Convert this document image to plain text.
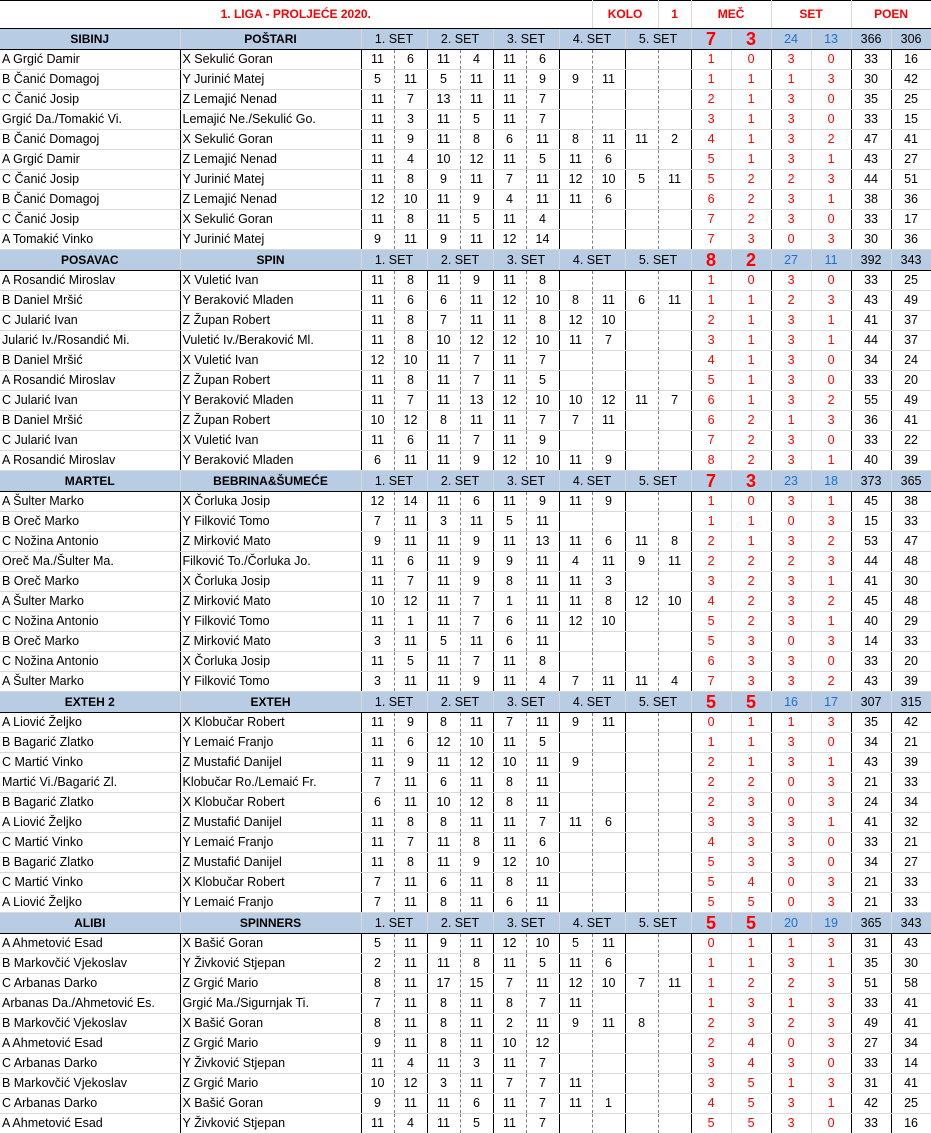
1. LIGA - PROLJEĆE 2020.									KOLO		1	MEČ		SET		POEN	
SIBINJ	POŠTARI	1. SET		2. SET		3. SET		4. SET		5. SET		7	3	24	13	366	306
A Grgić Damir	X Sekulić Goran	11	6	11	4	11	6					1	0	3	0	33	16
B Čanić Domagoj	Y Jurinić Matej	5	11	5	11	11	9	9	11			1	1	1	3	30	42
C Čanić Josip	Z Lemajić Nenad	11	7	13	11	11	7					2	1	3	0	35	25
Grgić Da./Tomakić Vi.	Lemajić Ne./Sekulić Go.	11	3	11	5	11	7					3	1	3	0	33	15
B Čanić Domagoj	X Sekulić Goran	11	9	11	8	6	11	8	11	11	2	4	1	3	2	47	41
A Grgić Damir	Z Lemajić Nenad	11	4	10	12	11	5	11	6			5	1	3	1	43	27
C Čanić Josip	Y Jurinić Matej	11	8	9	11	7	11	12	10	5	11	5	2	2	3	44	51
B Čanić Domagoj	Z Lemajić Nenad	12	10	11	9	4	11	11	6			6	2	3	1	38	36
C Čanić Josip	X Sekulić Goran	11	8	11	5	11	4					7	2	3	0	33	17
A Tomakić Vinko	Y Jurinić Matej	9	11	9	11	12	14					7	3	0	3	30	36
POSAVAC	SPIN	1. SET		2. SET		3. SET		4. SET		5. SET		8	2	27	11	392	343
A Rosandić Miroslav	X Vuletić Ivan	11	8	11	9	11	8					1	0	3	0	33	25
B Daniel Mršić	Y Beraković Mladen	11	6	6	11	12	10	8	11	6	11	1	1	2	3	43	49
C Jularić Ivan	Z Župan Robert	11	8	7	11	11	8	12	10			2	1	3	1	41	37
Jularić Iv./Rosandić Mi.	Vuletić Iv./Beraković Ml.	11	8	10	12	12	10	11	7			3	1	3	1	44	37
B Daniel Mršić	X Vuletić Ivan	12	10	11	7	11	7					4	1	3	0	34	24
A Rosandić Miroslav	Z Župan Robert	11	8	11	7	11	5					5	1	3	0	33	20
C Jularić Ivan	Y Beraković Mladen	11	7	11	13	12	10	10	12	11	7	6	1	3	2	55	49
B Daniel Mršić	Z Župan Robert	10	12	8	11	11	7	7	11			6	2	1	3	36	41
C Jularić Ivan	X Vuletić Ivan	11	6	11	7	11	9					7	2	3	0	33	22
A Rosandić Miroslav	Y Beraković Mladen	6	11	11	9	12	10	11	9			8	2	3	1	40	39
MARTEL	BEBRINA&ŠUMEĆE	1. SET		2. SET		3. SET		4. SET		5. SET		7	3	23	18	373	365
A Šulter Marko	X Čorluka Josip	12	14	11	6	11	9	11	9			1	0	3	1	45	38
B Oreč Marko	Y Filković Tomo	7	11	3	11	5	11					1	1	0	3	15	33
C Nožina Antonio	Z Mirković Mato	9	11	11	9	11	13	11	6	11	8	2	1	3	2	53	47
Oreč Ma./Šulter Ma.	Filković To./Čorluka Jo.	11	6	11	9	9	11	4	11	9	11	2	2	2	3	44	48
B Oreč Marko	X Čorluka Josip	11	7	11	9	8	11	11	3			3	2	3	1	41	30
A Šulter Marko	Z Mirković Mato	10	12	11	7	1	11	11	8	12	10	4	2	3	2	45	48
C Nožina Antonio	Y Filković Tomo	11	1	11	7	6	11	12	10			5	2	3	1	40	29
B Oreč Marko	Z Mirković Mato	3	11	5	11	6	11					5	3	0	3	14	33
C Nožina Antonio	X Čorluka Josip	11	5	11	7	11	8					6	3	3	0	33	20
A Šulter Marko	Y Filković Tomo	3	11	11	9	11	4	7	11	11	4	7	3	3	2	43	39
EXTEH 2	EXTEH	1. SET		2. SET		3. SET		4. SET		5. SET		5	5	16	17	307	315
A Liović Željko	X Klobučar Robert	11	9	8	11	7	11	9	11			0	1	1	3	35	42
B Bagarić Zlatko	Y Lemaić Franjo	11	6	12	10	11	5					1	1	3	0	34	21
C Martić Vinko	Z Mustafić Danijel	11	9	11	12	10	11	9				2	1	3	1	43	39
Martić Vi./Bagarić Zl.	Klobučar Ro./Lemaić Fr.	7	11	6	11	8	11					2	2	0	3	21	33
B Bagarić Zlatko	X Klobučar Robert	6	11	10	12	8	11					2	3	0	3	24	34
A Liović Željko	Z Mustafić Danijel	11	8	8	11	11	7	11	6			3	3	3	1	41	32
C Martić Vinko	Y Lemaić Franjo	11	7	11	8	11	6					4	3	3	0	33	21
B Bagarić Zlatko	Z Mustafić Danijel	11	8	11	9	12	10					5	3	3	0	34	27
C Martić Vinko	X Klobučar Robert	7	11	6	11	8	11					5	4	0	3	21	33
A Liović Željko	Y Lemaić Franjo	7	11	8	11	6	11					5	5	0	3	21	33
ALIBI	SPINNERS	1. SET		2. SET		3. SET		4. SET		5. SET		5	5	20	19	365	343
A Ahmetović Esad	X Bašić Goran	5	11	9	11	12	10	5	11			0	1	1	3	31	43
B Markovčić Vjekoslav	Y Živković Stjepan	2	11	11	8	11	5	11	6			1	1	3	1	35	30
C Arbanas Darko	Z Grgić Mario	8	11	17	15	7	11	12	10	7	11	1	2	2	3	51	58
Arbanas Da./Ahmetović Es.	Grgić Ma./Sigurnjak Ti.	7	11	8	11	8	7	11				1	3	1	3	33	41
B Markovčić Vjekoslav	X Bašić Goran	8	11	8	11	2	11	9	11	8		2	3	2	3	49	41
A Ahmetović Esad	Z Grgić Mario	9	11	8	11	10	12					2	4	0	3	27	34
C Arbanas Darko	Y Živković Stjepan	11	4	11	3	11	7					3	4	3	0	33	14
B Markovčić Vjekoslav	Z Grgić Mario	10	12	3	11	7	7	11				3	5	1	3	31	41
C Arbanas Darko	X Bašić Goran	9	11	11	6	11	7	11	1			4	5	3	1	42	25
A Ahmetović Esad	Y Živković Stjepan	11	4	11	5	11	7					5	5	3	0	33	16
